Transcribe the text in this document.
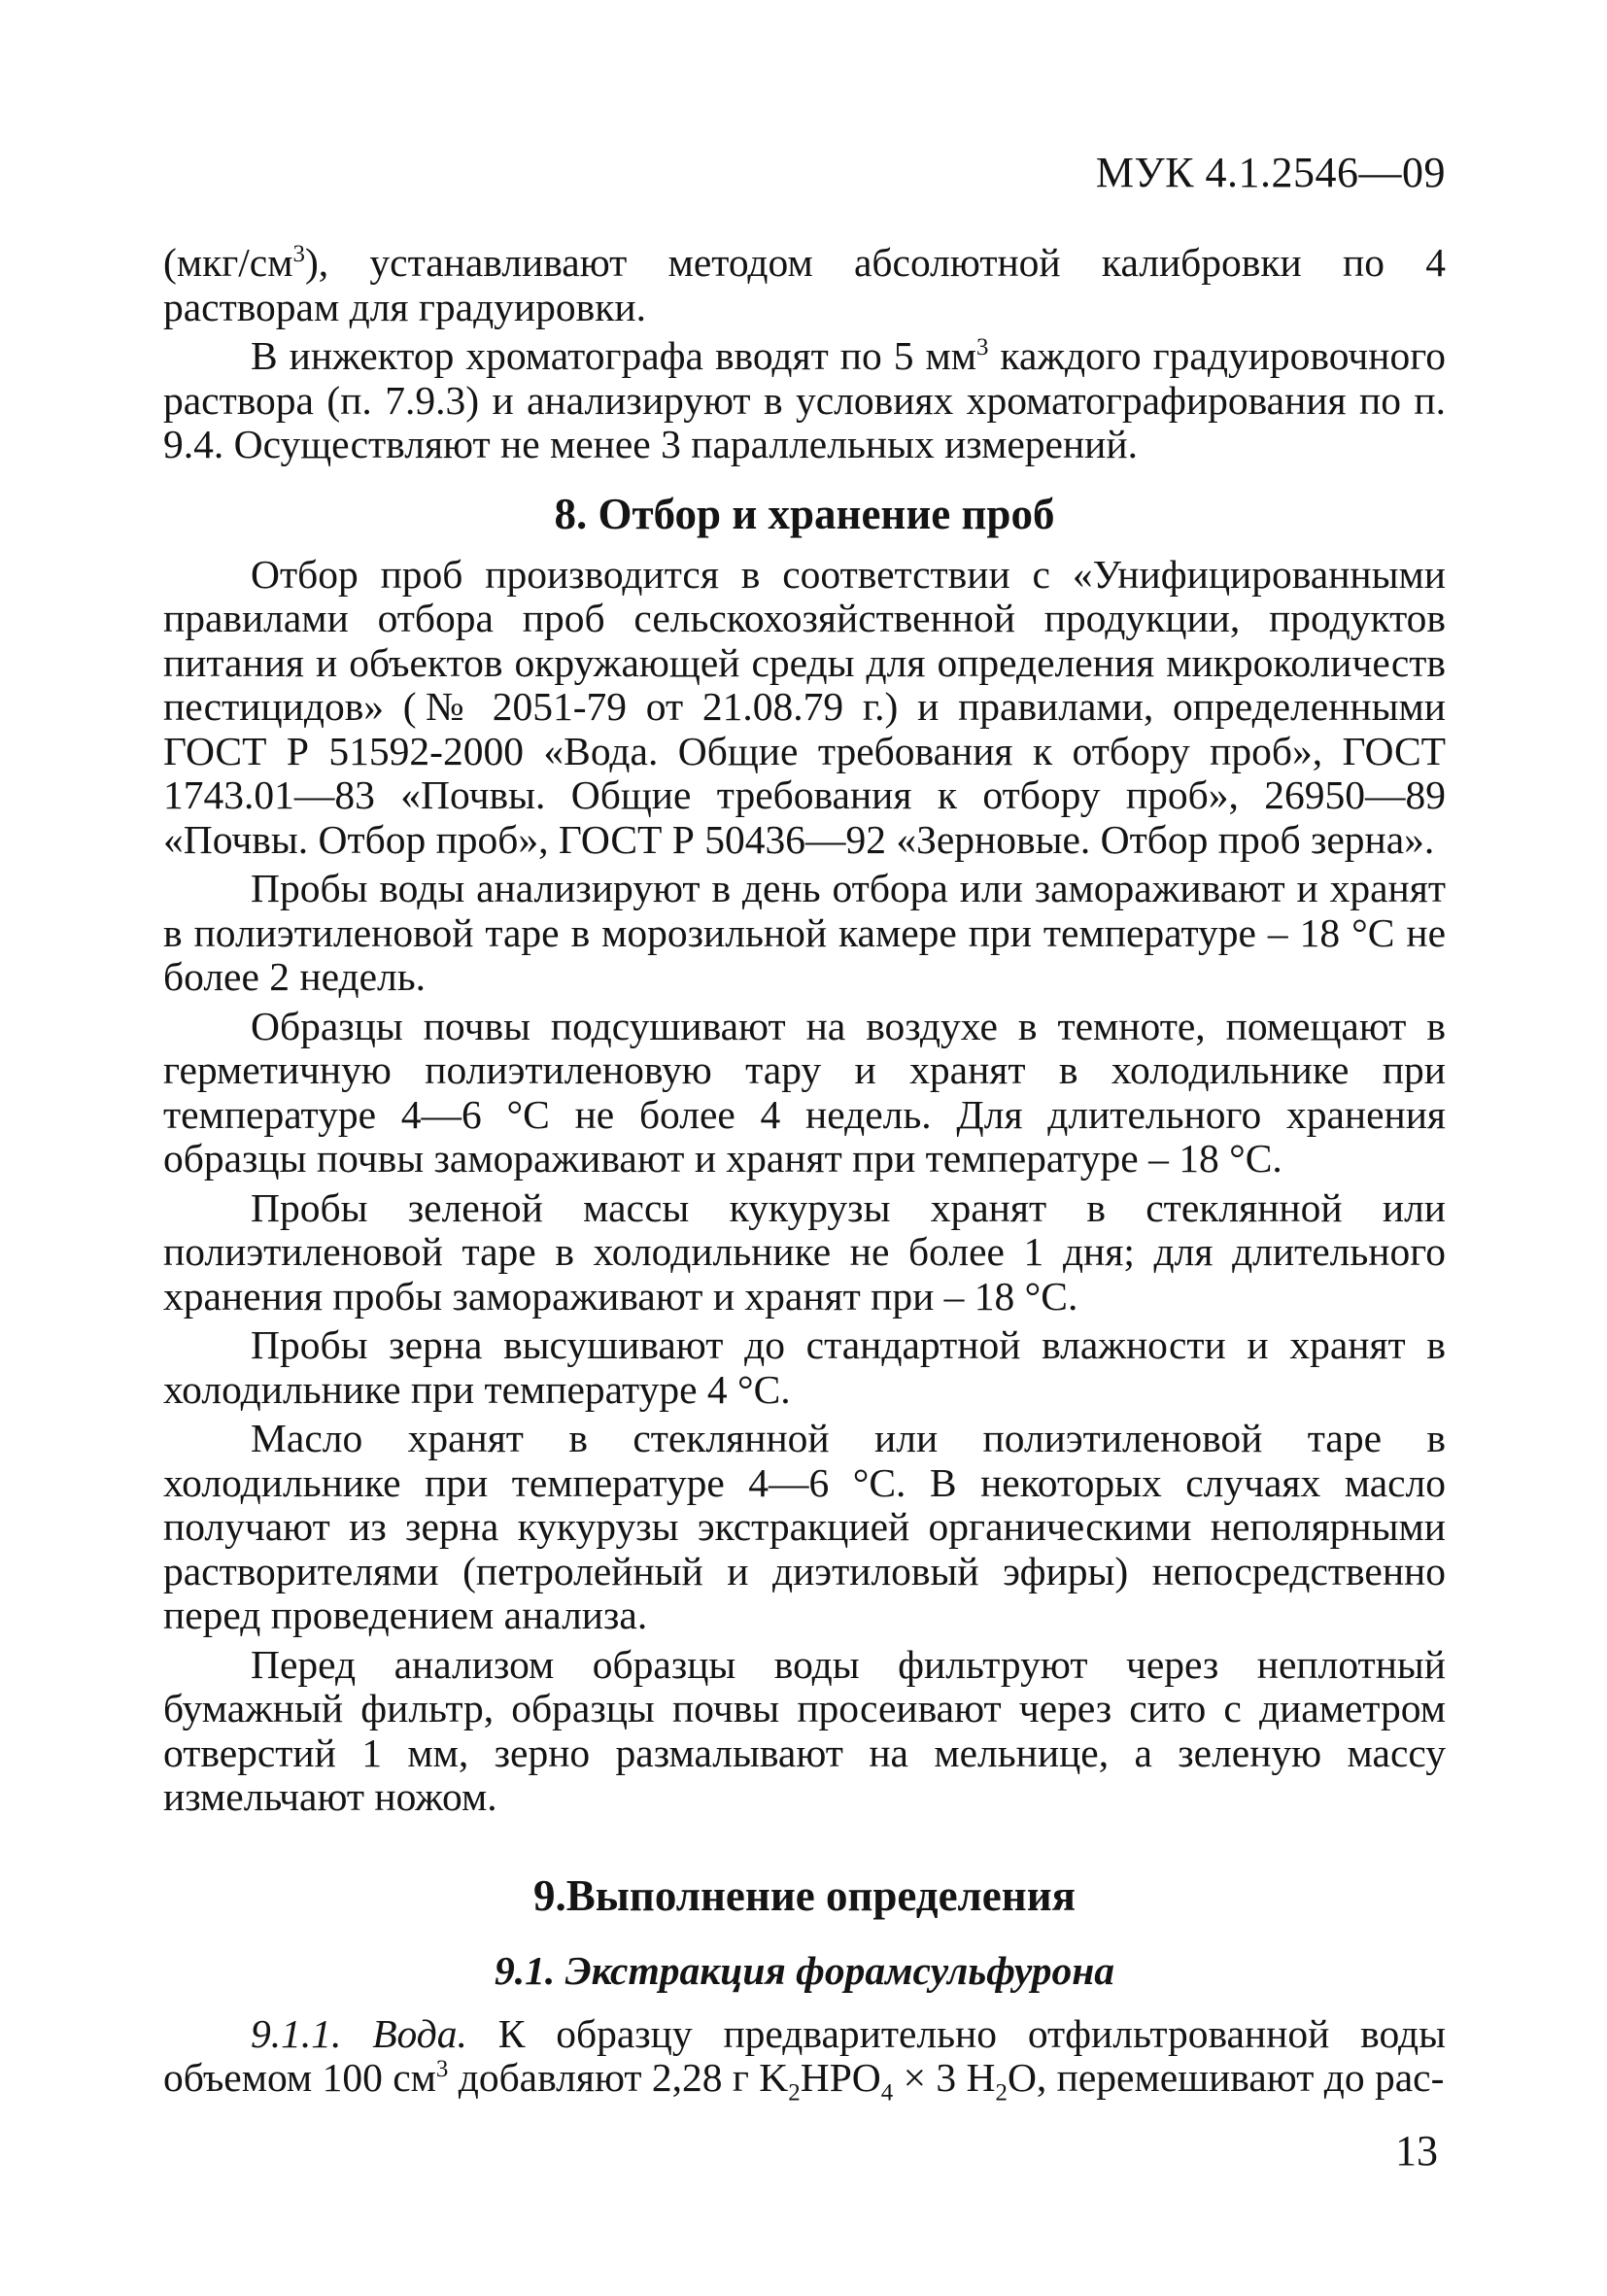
МУК 4.1.2546—09

$(мкг/см^3)$, устанавливают методом абсолютной калибровки по 4 растворам для градуировки.

В инжектор хроматографа вводят по 5 $мм^3$ каждого градуировочного раствора (п. 7.9.3) и анализируют в условиях хроматографирования по п. 9.4. Осуществляют не менее 3 параллельных измерений.

8. Отбор и хранение проб

Отбор проб производится в соответствии с «Унифицированными правилами отбора проб сельскохозяйственной продукции, продуктов питания и объектов окружающей среды для определения микроколичеств пестицидов» (№ 2051-79 от 21.08.79 г.) и правилами, определенными ГОСТ Р 51592-2000 «Вода. Общие требования к отбору проб», ГОСТ 1743.01—83 «Почвы. Общие требования к отбору проб», 26950—89 «Почвы. Отбор проб», ГОСТ Р 50436—92 «Зерновые. Отбор проб зерна».

Пробы воды анализируют в день отбора или замораживают и хранят в полиэтиленовой таре в морозильной камере при температуре – 18 °С не более 2 недель.

Образцы почвы подсушивают на воздухе в темноте, помещают в герметичную полиэтиленовую тару и хранят в холодильнике при температуре 4—6 °С не более 4 недель. Для длительного хранения образцы почвы замораживают и хранят при температуре – 18 °С.

Пробы зеленой массы кукурузы хранят в стеклянной или полиэтиленовой таре в холодильнике не более 1 дня; для длительного хранения пробы замораживают и хранят при – 18 °С.

Пробы зерна высушивают до стандартной влажности и хранят в холодильнике при температуре 4 °С.

Масло хранят в стеклянной или полиэтиленовой таре в холодильнике при температуре 4—6 °С. В некоторых случаях масло получают из зерна кукурузы экстракцией органическими неполярными растворителями (петролейный и диэтиловый эфиры) непосредственно перед проведением анализа.

Перед анализом образцы воды фильтруют через неплотный бумажный фильтр, образцы почвы просеивают через сито с диаметром отверстий 1 мм, зерно размалывают на мельнице, а зеленую массу измельчают ножом.

9.Выполнение определения
9.1. Экстракция форамсульфурона

9.1.1. Вода. К образцу предварительно отфильтрованной воды объемом 100 $см^3$ добавляют 2,28 г $K_2HPO_4 \times 3$ $H_2O$, перемешивают до рас-

13
